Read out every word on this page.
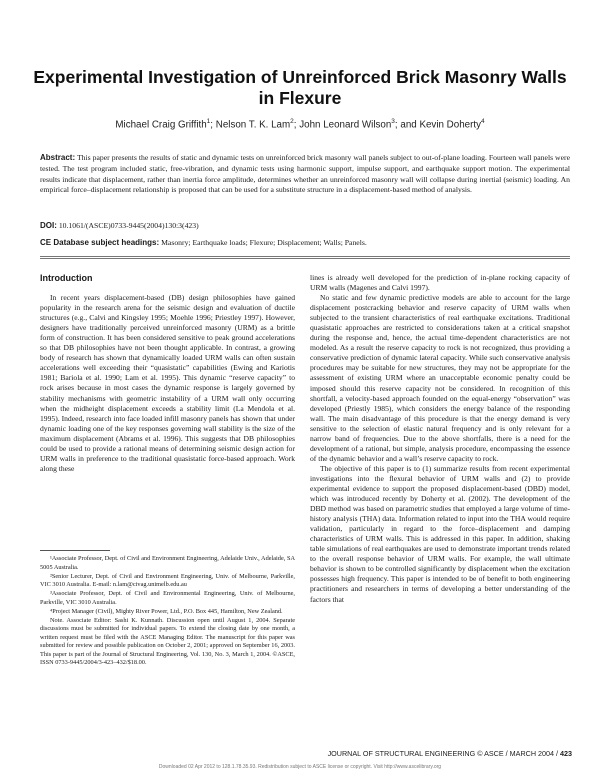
Experimental Investigation of Unreinforced Brick Masonry Walls in Flexure
Michael Craig Griffith$^1$; Nelson T. K. Lam$^2$; John Leonard Wilson$^3$; and Kevin Doherty$^4$
Abstract: This paper presents the results of static and dynamic tests on unreinforced brick masonry wall panels subject to out-of-plane loading. Fourteen wall panels were tested. The test program included static, free-vibration, and dynamic tests using harmonic support, impulse support, and earthquake support motion. The experimental results indicate that displacement, rather than inertia force amplitude, determines whether an unreinforced masonry wall will collapse during inertial (seismic) loading. An empirical force–displacement relationship is proposed that can be used for a substitute structure in a displacement-based method of analysis.
DOI: 10.1061/(ASCE)0733-9445(2004)130:3(423)
CE Database subject headings: Masonry; Earthquake loads; Flexure; Displacement; Walls; Panels.
Introduction

In recent years displacement-based (DB) design philosophies have gained popularity in the research arena for the seismic design and evaluation of ductile structures (e.g., Calvi and Kingsley 1995; Moehle 1996; Priestley 1997). However, designers have traditionally perceived unreinforced masonry (URM) as a brittle form of construction. It has been considered sensitive to peak ground accelerations so that DB philosophies have not been thought applicable. In contrast, a growing body of research has shown that dynamically loaded URM walls can often sustain accelerations well exceeding their “quasistatic” capabilities (Ewing and Kariotis 1981; Bariola et al. 1990; Lam et al. 1995). This dynamic “reserve capacity” to rock arises because in most cases the dynamic response is largely governed by stability mechanisms with geometric instability of a URM wall only occurring when the midheight displacement exceeds a stability limit (La Mendola et al. 1995). Indeed, research into face loaded infill masonry panels has shown that under dynamic loading one of the key responses governing wall stability is the size of the maximum displacement (Abrams et al. 1996). This suggests that DB philosophies could be used to provide a rational means of determining seismic design action for URM walls in preference to the traditional quasistatic force-based approach. Work along these

¹Associate Professor, Dept. of Civil and Environment Engineering, Adelaide Univ., Adelaide, SA 5005 Australia.

²Senior Lecturer, Dept. of Civil and Environment Engineering, Univ. of Melbourne, Parkville, VIC 3010 Australia. E-mail: n.lam@civag.unimelb.edu.au

³Associate Professor, Dept. of Civil and Environmental Engineering, Univ. of Melbourne, Parkville, VIC 3010 Australia.

⁴Project Manager (Civil), Mighty River Power, Ltd., P.O. Box 445, Hamilton, New Zealand.

Note. Associate Editor: Sashi K. Kunnath. Discussion open until August 1, 2004. Separate discussions must be submitted for individual papers. To extend the closing date by one month, a written request must be filed with the ASCE Managing Editor. The manuscript for this paper was submitted for review and possible publication on October 2, 2001; approved on September 16, 2003. This paper is part of the Journal of Structural Engineering, Vol. 130, No. 3, March 1, 2004. ©ASCE, ISSN 0733-9445/2004/3-423–432/$18.00.

lines is already well developed for the prediction of in-plane rocking capacity of URM walls (Magenes and Calvi 1997).

No static and few dynamic predictive models are able to account for the large displacement postcracking behavior and reserve capacity of URM walls when subjected to the transient characteristics of real earthquake excitations. Traditional quasistatic approaches are restricted to considerations taken at a critical snapshot during the response and, hence, the actual time-dependent characteristics are not modeled. As a result the reserve capacity to rock is not recognized, thus providing a conservative prediction of dynamic lateral capacity. While such conservative analysis procedures may be suitable for new structures, they may not be appropriate for the assessment of existing URM where an unacceptable economic penalty could be imposed should this reserve capacity not be considered. In recognition of this shortfall, a velocity-based approach founded on the equal-energy “observation” was developed (Priestly 1985), which considers the energy balance of the responding wall. The main disadvantage of this procedure is that the energy demand is very sensitive to the selection of elastic natural frequency and is only relevant for a narrow band of frequencies. Due to the above shortfalls, there is a need for the development of a rational, but simple, analysis procedure, encompassing the essence of the dynamic behavior and a wall’s reserve capacity to rock.

The objective of this paper is to (1) summarize results from recent experimental investigations into the flexural behavior of URM walls and (2) to provide experimental evidence to support the proposed displacement-based (DBD) model, which was introduced recently by Doherty et al. (2002). The development of the DBD method was based on parametric studies that employed a large volume of time-history analysis (THA) data. Information related to input into the THA would require validation, particularly in regard to the force–displacement and damping characteristics of URM walls. This is addressed in this paper. In addition, shaking table simulations of real earthquakes are used to demonstrate important trends related to the overall response behavior of URM walls. For example, the wall ultimate behavior is shown to be controlled significantly by displacement when the excitation possesses high frequency. This paper is intended to be of benefit to both engineering practitioners and researchers in terms of developing a better understanding of the factors that

JOURNAL OF STRUCTURAL ENGINEERING © ASCE / MARCH 2004 / 423
Downloaded 02 Apr 2012 to 128.1.78.35.93. Redistribution subject to ASCE license or copyright. Visit http://www.ascelibrary.org
